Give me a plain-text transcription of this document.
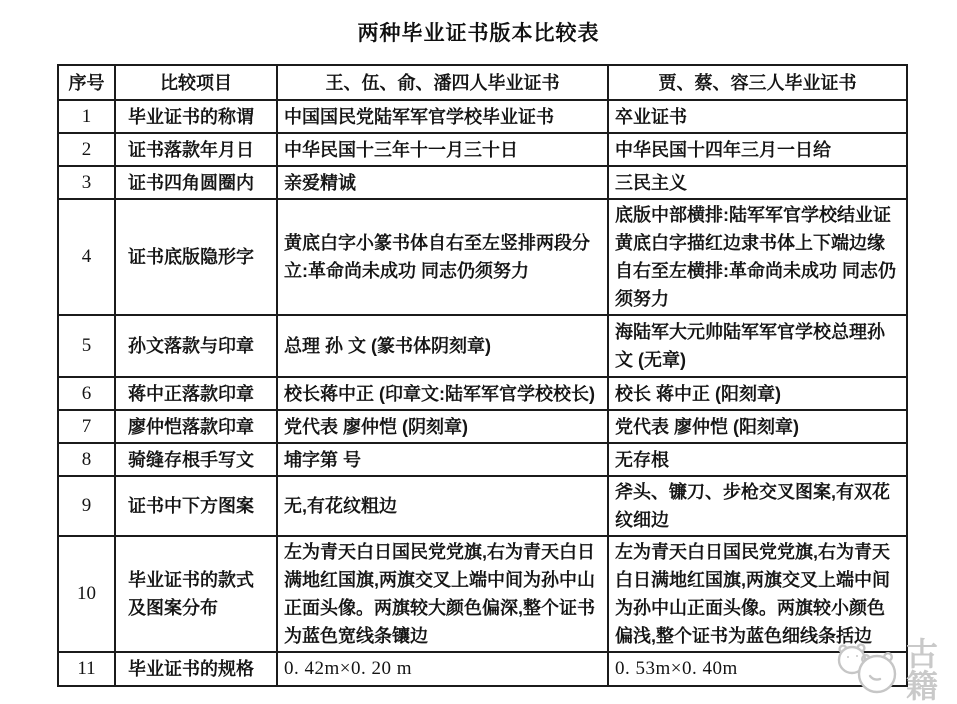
两种毕业证书版本比较表
序号	比较项目	王、伍、俞、潘四人毕业证书	贾、蔡、容三人毕业证书
1	毕业证书的称谓	中国国民党陆军军官学校毕业证书	卒业证书
2	证书落款年月日	中华民国十三年十一月三十日	中华民国十四年三月一日给
3	证书四角圆圈内	亲爱精诚	三民主义
4	证书底版隐形字	黄底白字小篆书体自右至左竖排两段分立:革命尚未成功 同志仍须努力	底版中部横排:陆军军官学校结业证黄底白字描红边隶书体上下端边缘自右至左横排:革命尚未成功 同志仍须努力
5	孙文落款与印章	总理 孙 文 (篆书体阴刻章)	海陆军大元帅陆军军官学校总理孙文 (无章)
6	蒋中正落款印章	校长蒋中正 (印章文:陆军军官学校校长)	校长 蒋中正 (阳刻章)
7	廖仲恺落款印章	党代表 廖仲恺 (阴刻章)	党代表 廖仲恺 (阳刻章)
8	骑缝存根手写文	埔字第 号	无存根
9	证书中下方图案	无,有花纹粗边	斧头、镰刀、步枪交叉图案,有双花纹细边
10	毕业证书的款式及图案分布	左为青天白日国民党党旗,右为青天白日满地红国旗,两旗交叉上端中间为孙中山正面头像。两旗较大颜色偏深,整个证书为蓝色宽线条镶边	左为青天白日国民党党旗,右为青天白日满地红国旗,两旗交叉上端中间为孙中山正面头像。两旗较小颜色偏浅,整个证书为蓝色细线条括边
11	毕业证书的规格	0. 42m×0. 20 m	0. 53m×0. 40m	古籍
